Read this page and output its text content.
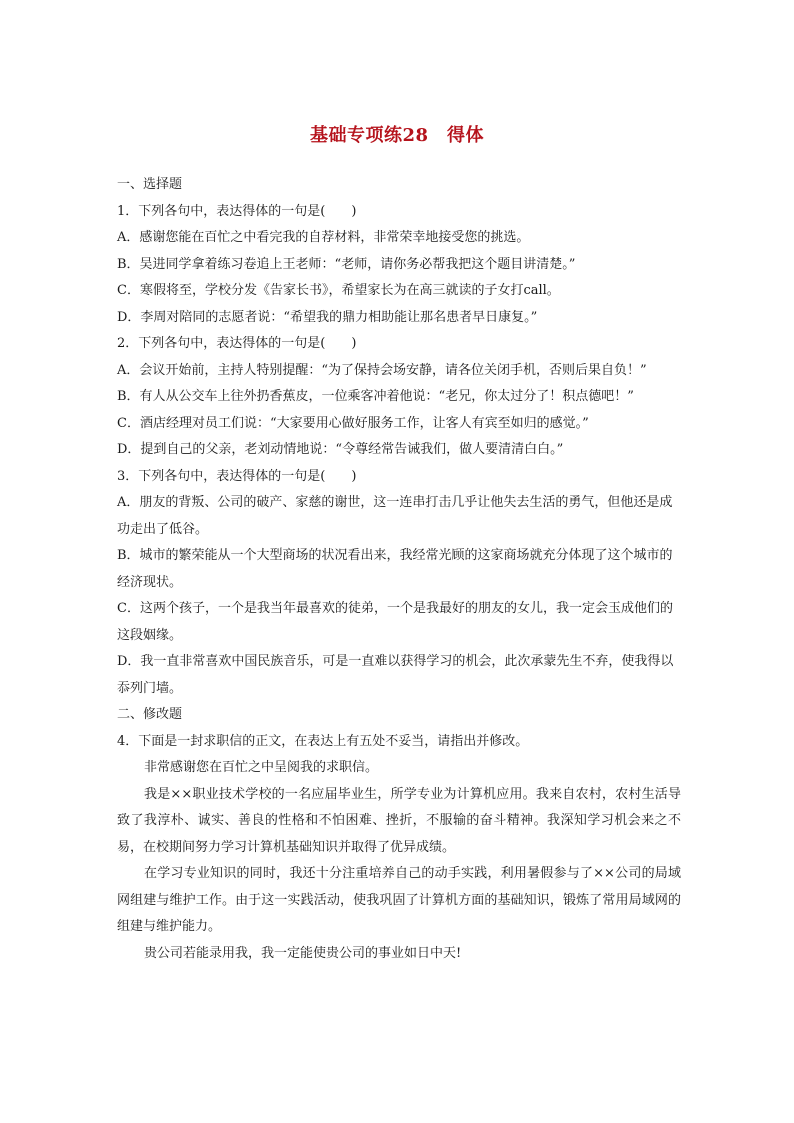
基础专项练28　得体
一、选择题
1．下列各句中，表达得体的一句是(　　)
A．感谢您能在百忙之中看完我的自荐材料，非常荣幸地接受您的挑选。
B．吴进同学拿着练习卷追上王老师：“老师，请你务必帮我把这个题目讲清楚。”
C．寒假将至，学校分发《告家长书》，希望家长为在高三就读的子女打call。
D．李周对陪同的志愿者说：“希望我的鼎力相助能让那名患者早日康复。”
2．下列各句中，表达得体的一句是(　　)
A．会议开始前，主持人特别提醒：“为了保持会场安静，请各位关闭手机，否则后果自负！”
B．有人从公交车上往外扔香蕉皮，一位乘客冲着他说：“老兄，你太过分了！积点德吧！”
C．酒店经理对员工们说：“大家要用心做好服务工作，让客人有宾至如归的感觉。”
D．提到自己的父亲，老刘动情地说：“令尊经常告诫我们，做人要清清白白。”
3．下列各句中，表达得体的一句是(　　)
A．朋友的背叛、公司的破产、家慈的谢世，这一连串打击几乎让他失去生活的勇气，但他还是成功走出了低谷。
B．城市的繁荣能从一个大型商场的状况看出来，我经常光顾的这家商场就充分体现了这个城市的经济现状。
C．这两个孩子，一个是我当年最喜欢的徒弟，一个是我最好的朋友的女儿，我一定会玉成他们的这段姻缘。
D．我一直非常喜欢中国民族音乐，可是一直难以获得学习的机会，此次承蒙先生不弃，使我得以忝列门墙。
二、修改题
4．下面是一封求职信的正文，在表达上有五处不妥当，请指出并修改。
非常感谢您在百忙之中呈阅我的求职信。
我是××职业技术学校的一名应届毕业生，所学专业为计算机应用。我来自农村，农村生活导致了我淳朴、诚实、善良的性格和不怕困难、挫折，不服输的奋斗精神。我深知学习机会来之不易，在校期间努力学习计算机基础知识并取得了优异成绩。
在学习专业知识的同时，我还十分注重培养自己的动手实践，利用暑假参与了××公司的局域网组建与维护工作。由于这一实践活动，使我巩固了计算机方面的基础知识，锻炼了常用局域网的组建与维护能力。
贵公司若能录用我，我一定能使贵公司的事业如日中天!
